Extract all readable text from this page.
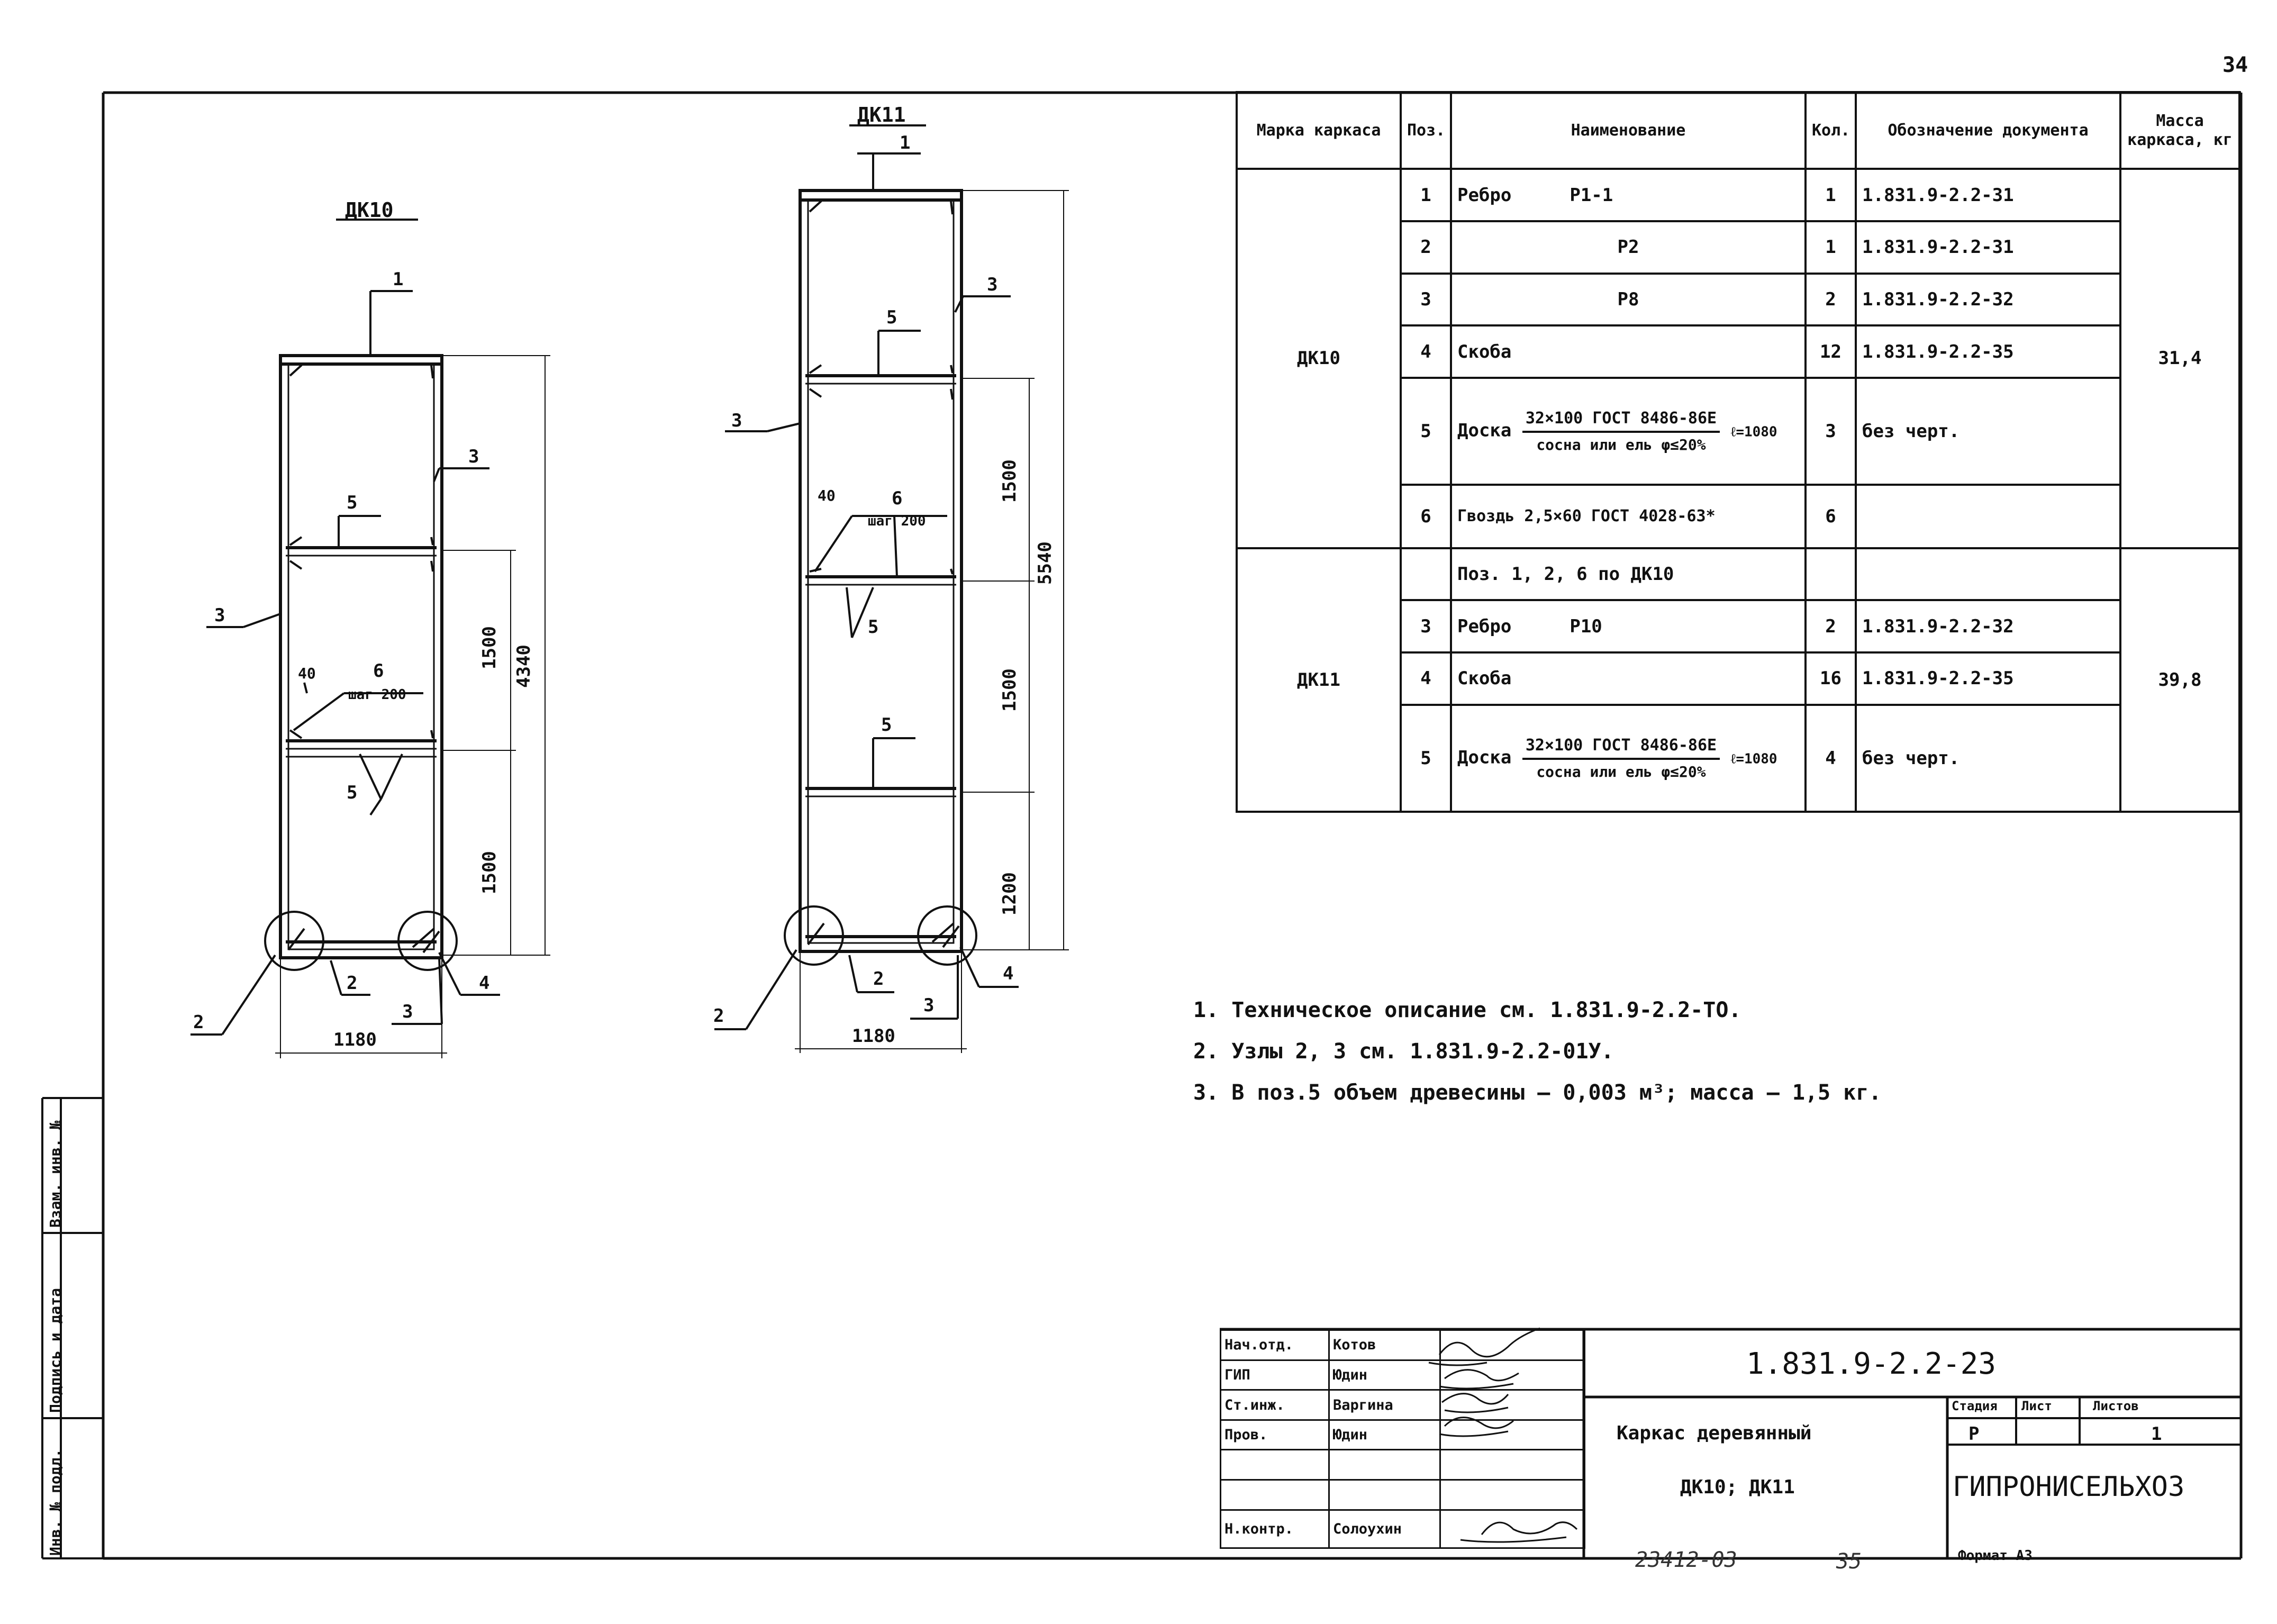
34
ДК10
1
3
3
5
40	6
шаг 200
5
2
2
3
4
1180
1500
1500
4340
ДК11
1
3
3
5
40	6
шаг 200
5
5
2
2
3
4
1180
1500
1500
1200
5540
Марка каркаса	Поз.	Наименование	Кол.	Обозначение документа	Масса каркаса, кг
ДК10	1	Ребро Р1-1	1	1.831.9-2.2-31	31,4
	2	Р2	1	1.831.9-2.2-31	
	3	Р8	2	1.831.9-2.2-32	
	4	Скоба	12	1.831.9-2.2-35	
	5	Доска $\frac{\text{32×100 ГОСТ 8486-86Е}}{\text{сосна или ель φ≤20\%}}$ ℓ=1080	3	без черт.	
	6	Гвоздь 2,5×60 ГОСТ 4028-63*	6		
ДК11		Поз. 1, 2, 6 по ДК10			39,8
	3	Ребро Р10	2	1.831.9-2.2-32	
	4	Скоба	16	1.831.9-2.2-35	
	5	Доска $\frac{\text{32×100 ГОСТ 8486-86Е}}{\text{сосна или ель φ≤20\%}}$ ℓ=1080	4	без черт.	
1. Техническое описание см. 1.831.9-2.2-ТО.
2. Узлы 2, 3 см. 1.831.9-2.2-01У.
3. В поз.5 объем древесины – 0,003 м³; масса – 1,5 кг.
Нач.отд.	Котов	
ГИП	Юдин	
Ст.инж.	Варгина	
Пров.	Юдин	

Н.контр.	Солоухин	
1.831.9-2.2-23
Каркас деревянный
ДК10; ДК11
Стадия Лист	Листов
Р	1
ГИПРОНИСЕЛЬХОЗ
23412-03	35	Формат А3
Инв. № подл.
Подпись и дата
Взам. инв. №
